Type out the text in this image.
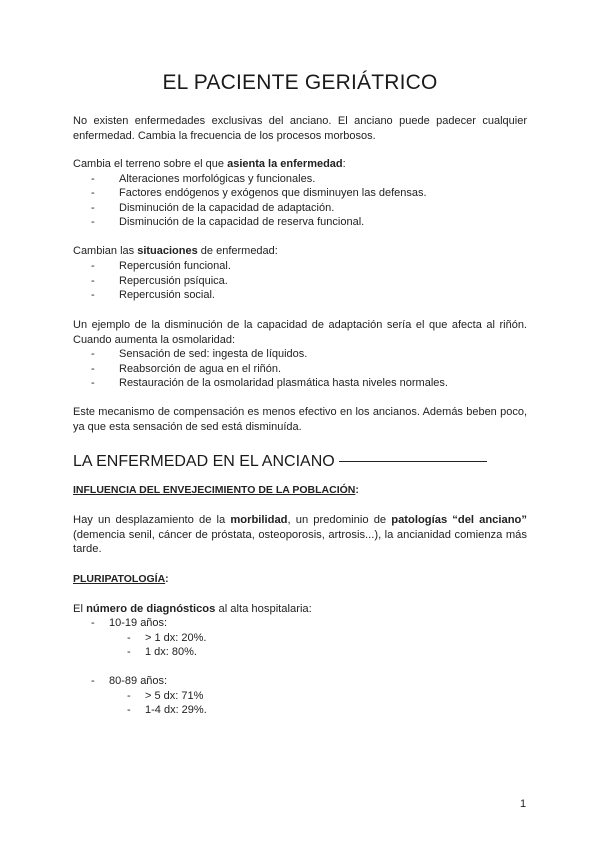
EL PACIENTE GERIÁTRICO
No existen enfermedades exclusivas del anciano. El anciano puede padecer cualquier enfermedad. Cambia la frecuencia de los procesos morbosos.
Cambia el terreno sobre el que asienta la enfermedad:
- Alteraciones morfológicas y funcionales.
- Factores endógenos y exógenos que disminuyen las defensas.
- Disminución de la capacidad de adaptación.
- Disminución de la capacidad de reserva funcional.
Cambian las situaciones de enfermedad:
- Repercusión funcional.
- Repercusión psíquica.
- Repercusión social.
Un ejemplo de la disminución de la capacidad de adaptación sería el que afecta al riñón. Cuando aumenta la osmolaridad:
- Sensación de sed: ingesta de líquidos.
- Reabsorción de agua en el riñón.
- Restauración de la osmolaridad plasmática hasta niveles normales.
Este mecanismo de compensación es menos efectivo en los ancianos. Además beben poco, ya que esta sensación de sed está disminuída.
LA ENFERMEDAD EN EL ANCIANO
INFLUENCIA DEL ENVEJECIMIENTO DE LA POBLACIÓN:
Hay un desplazamiento de la morbilidad, un predominio de patologías “del anciano” (demencia senil, cáncer de próstata, osteoporosis, artrosis...), la ancianidad comienza más tarde.
PLURIPATOLOGÍA:
El número de diagnósticos al alta hospitalaria:
- 10-19 años:
- > 1 dx: 20%.
- 1 dx: 80%.
- 80-89 años:
- > 5 dx: 71%
- 1-4 dx: 29%.
1
